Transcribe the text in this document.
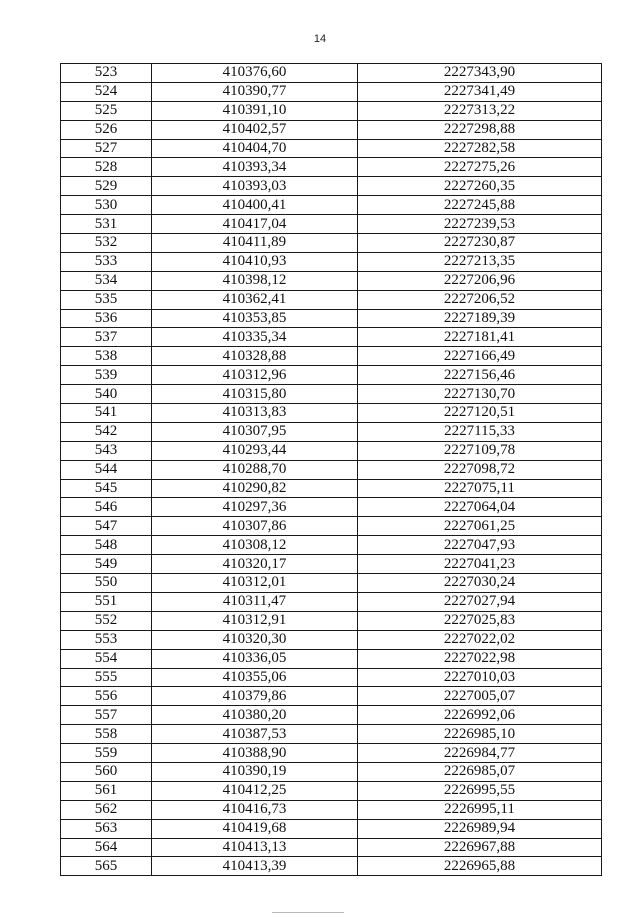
14
523	410376,60	2227343,90
524	410390,77	2227341,49
525	410391,10	2227313,22
526	410402,57	2227298,88
527	410404,70	2227282,58
528	410393,34	2227275,26
529	410393,03	2227260,35
530	410400,41	2227245,88
531	410417,04	2227239,53
532	410411,89	2227230,87
533	410410,93	2227213,35
534	410398,12	2227206,96
535	410362,41	2227206,52
536	410353,85	2227189,39
537	410335,34	2227181,41
538	410328,88	2227166,49
539	410312,96	2227156,46
540	410315,80	2227130,70
541	410313,83	2227120,51
542	410307,95	2227115,33
543	410293,44	2227109,78
544	410288,70	2227098,72
545	410290,82	2227075,11
546	410297,36	2227064,04
547	410307,86	2227061,25
548	410308,12	2227047,93
549	410320,17	2227041,23
550	410312,01	2227030,24
551	410311,47	2227027,94
552	410312,91	2227025,83
553	410320,30	2227022,02
554	410336,05	2227022,98
555	410355,06	2227010,03
556	410379,86	2227005,07
557	410380,20	2226992,06
558	410387,53	2226985,10
559	410388,90	2226984,77
560	410390,19	2226985,07
561	410412,25	2226995,55
562	410416,73	2226995,11
563	410419,68	2226989,94
564	410413,13	2226967,88
565	410413,39	2226965,88
